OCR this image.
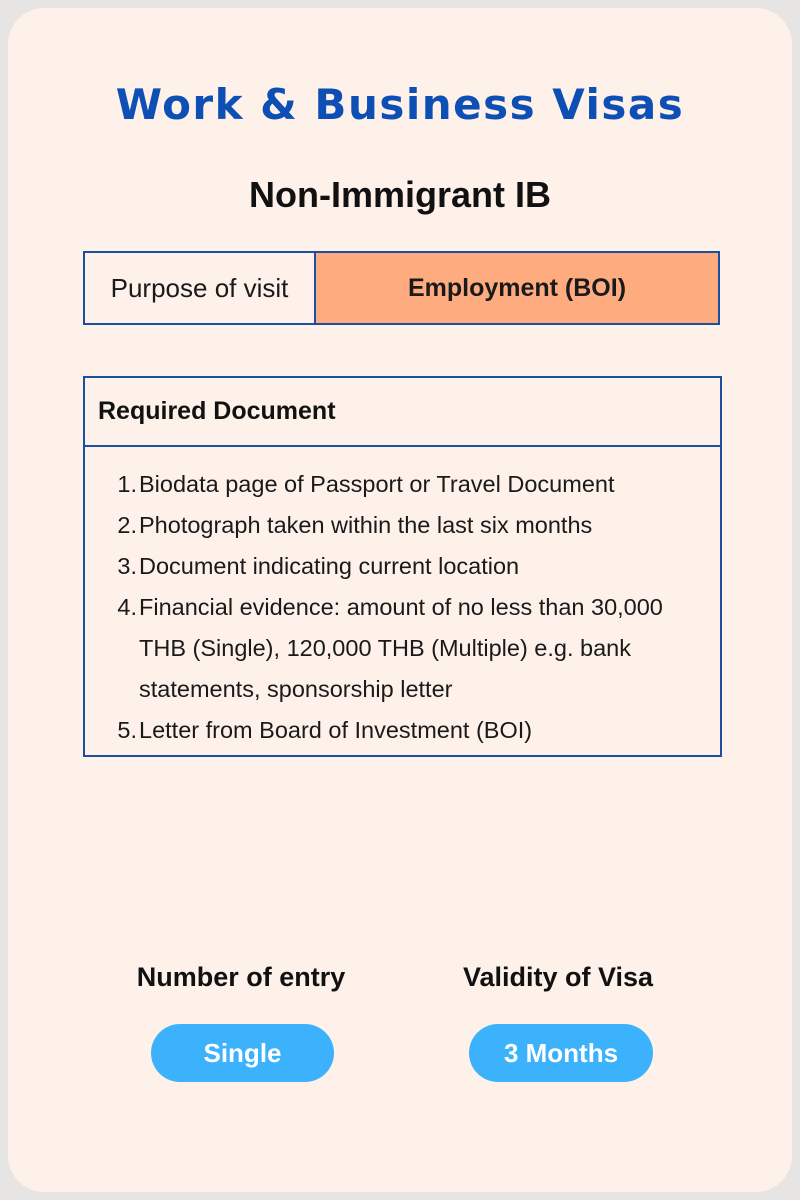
Work & Business Visas
Non-Immigrant IB
Purpose of visit	Employment (BOI)
Required Document
1. Biodata page of Passport or Travel Document
2. Photograph taken within the last six months
3. Document indicating current location
4. Financial evidence: amount of no less than 30,000 THB (Single), 120,000 THB (Multiple) e.g. bank statements, sponsorship letter
5. Letter from Board of Investment (BOI)
Number of entry	Validity of Visa
Single	3 Months
